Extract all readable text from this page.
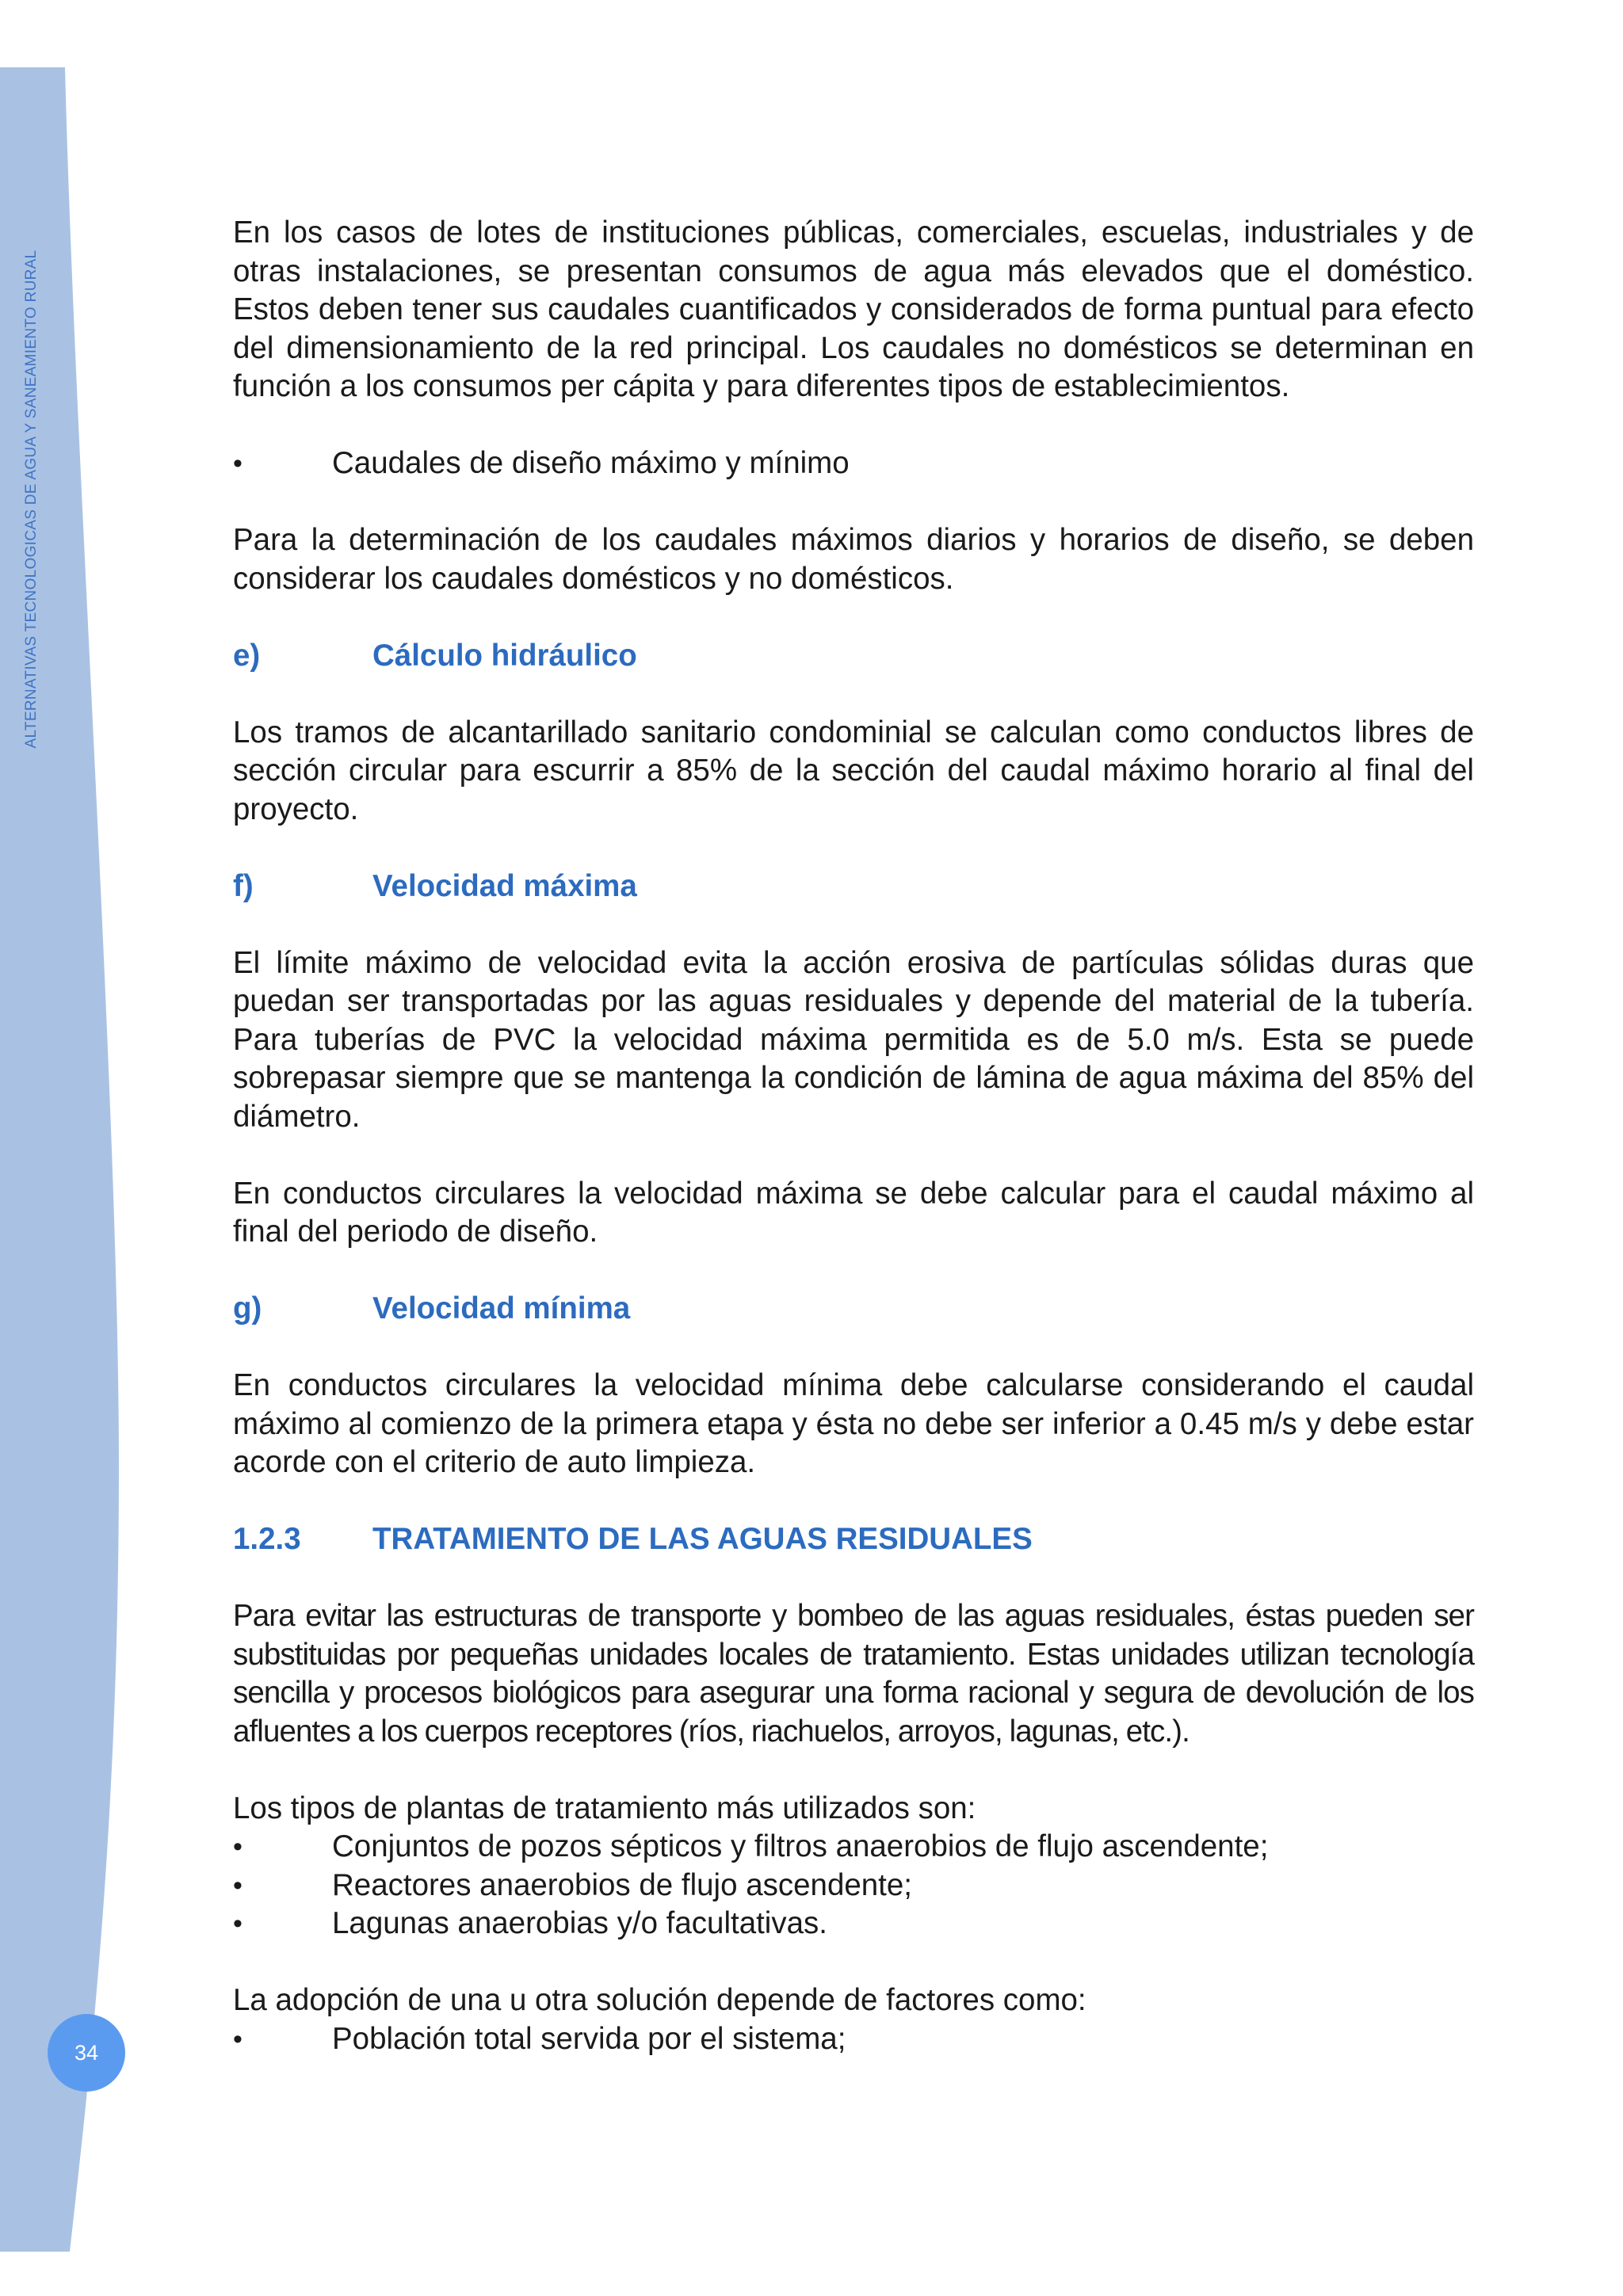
ALTERNATIVAS TECNOLOGICAS DE AGUA Y SANEAMIENTO RURAL
34

En los casos de lotes de instituciones públicas, comerciales, escuelas, industriales y de otras instalaciones, se presentan consumos de agua más elevados que el doméstico. Estos deben tener sus caudales cuantificados y considerados de forma puntual para efecto del dimensionamiento de la red principal. Los caudales no domésticos se determinan en función a los consumos per cápita y para diferentes tipos de establecimientos.

•	Caudales de diseño máximo y mínimo

Para la determinación de los caudales máximos diarios y horarios de diseño, se deben considerar los caudales domésticos y no domésticos.

e)	Cálculo hidráulico

Los tramos de alcantarillado sanitario condominial se calculan como conductos libres de sección circular para escurrir a 85% de la sección del caudal máximo horario al final del proyecto.

f)	Velocidad máxima

El límite máximo de velocidad evita la acción erosiva de partículas sólidas duras que puedan ser transportadas por las aguas residuales y depende del material de la tubería. Para tuberías de PVC la velocidad máxima permitida es de 5.0 m/s. Esta se puede sobrepasar siempre que se mantenga la condición de lámina de agua máxima del 85% del diámetro.

En conductos circulares la velocidad máxima se debe calcular para el caudal máximo al final del periodo de diseño.

g)	Velocidad mínima

En conductos circulares la velocidad mínima debe calcularse considerando el caudal máximo al comienzo de la primera etapa y ésta no debe ser inferior a 0.45 m/s y debe estar acorde con el criterio de auto limpieza.

1.2.3	TRATAMIENTO DE LAS AGUAS RESIDUALES

Para evitar las estructuras de transporte y bombeo de las aguas residuales, éstas pueden ser substituidas por pequeñas unidades locales de tratamiento. Estas unidades utilizan tecnología sencilla y procesos biológicos para asegurar una forma racional y segura de devolución de los afluentes a los cuerpos receptores (ríos, riachuelos, arroyos, lagunas, etc.).

Los tipos de plantas de tratamiento más utilizados son:

•	Conjuntos de pozos sépticos y filtros anaerobios de flujo ascendente;
•	Reactores anaerobios de flujo ascendente;
•	Lagunas anaerobias y/o facultativas.

La adopción de una u otra solución depende de factores como:

•	Población total servida por el sistema;
